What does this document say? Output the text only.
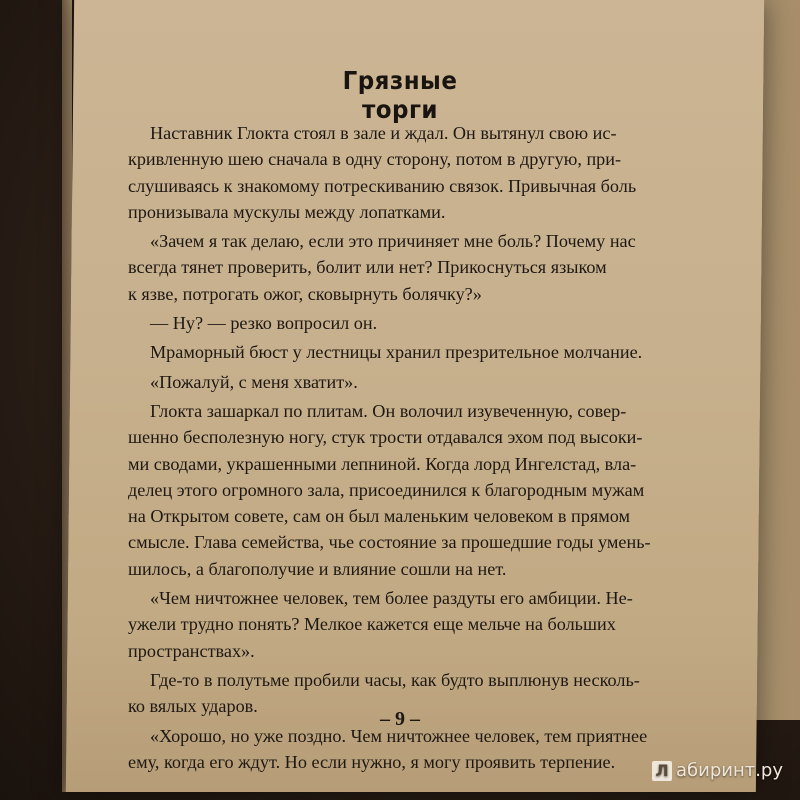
Грязные торги
Наставник Глокта стоял в зале и ждал. Он вытянул свою ис-
кривленную шею сначала в одну сторону, потом в другую, при-
слушиваясь к знакомому потрескиванию связок. Привычная боль
пронизывала мускулы между лопатками.
«Зачем я так делаю, если это причиняет мне боль? Почему нас
всегда тянет проверить, болит или нет? Прикоснуться языком
к язве, потрогать ожог, сковырнуть болячку?»
— Ну? — резко вопросил он.
Мраморный бюст у лестницы хранил презрительное молчание.
«Пожалуй, с меня хватит».
Глокта зашаркал по плитам. Он волочил изувеченную, совер-
шенно бесполезную ногу, стук трости отдавался эхом под высоки-
ми сводами, украшенными лепниной. Когда лорд Ингелстад, вла-
делец этого огромного зала, присоединился к благородным мужам
на Открытом совете, сам он был маленьким человеком в прямом
смысле. Глава семейства, чье состояние за прошедшие годы умень-
шилось, а благополучие и влияние сошли на нет.
«Чем ничтожнее человек, тем более раздуты его амбиции. Не-
ужели трудно понять? Мелкое кажется еще мельче на больших
пространствах».
Где-то в полутьме пробили часы, как будто выплюнув несколь-
ко вялых ударов.
«Хорошо, но уже поздно. Чем ничтожнее человек, тем приятнее
ему, когда его ждут. Но если нужно, я могу проявить терпение.
– 9 –
Л абиринт.ру
